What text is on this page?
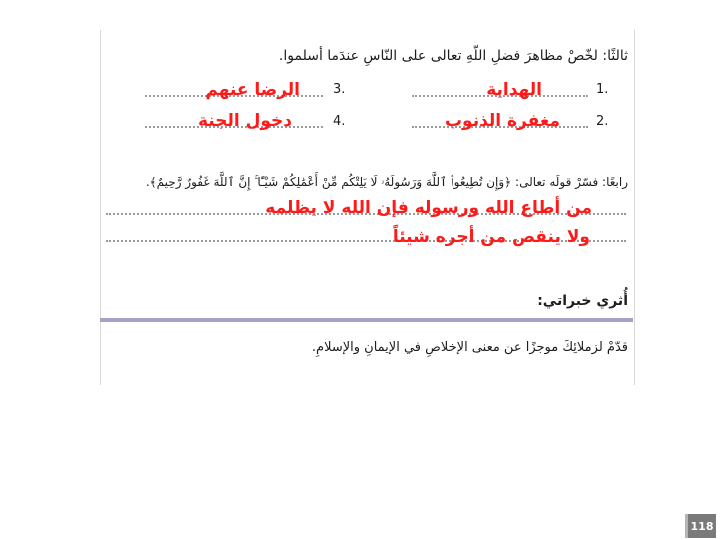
ثالثًا: لخّصْ مظاهرَ فضلِ اللّهِ تعالى على النّاسِ عندَما أسلموا.
1.
الهداية
3.
الرضا عنهم
2.
مغفرة الذنوب
4.
دخول الجنة
رابعًا: فسّرْ قولَه تعالى: ﴿وَإِن تُطِيعُوا۟ ٱللَّهَ وَرَسُولَهُۥ لَا يَلِتْكُم مِّنْ أَعْمَٰلِكُمْ شَيْـًٔا ۚ إِنَّ ٱللَّهَ غَفُورٌ رَّحِيمٌ﴾.
من أطاع الله ورسوله فإن الله لا يظلمه
ولا ينقص من أجره شيئاً
أُثري خبراتي:
قدّمْ لزملائِكَ موجزًا عن معنى الإخلاصِ في الإيمانِ والإسلامِ.
118
